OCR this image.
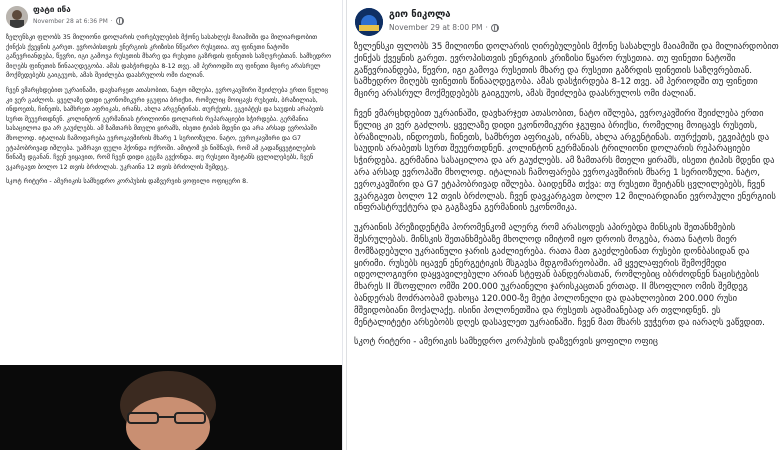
ფატი ინა
November 28 at 6:36 PM ·

ზელენსკი ფლობს 35 მილიონი დოლარის ღირებულების მქონე სასახლეს მაიამიში და მილიარდობით ქინქას ქვეყნის გარეთ. ევროპისთვის ენერგიის კრიზისი ნწეარო რუსეთია. თუ ფინეთი ნატოში გაწევრიანდება, წევრი, იგი გამოვა რუსეთის მხარე და რუსეთი გაზრდის ფინეთის საზღვრებთან. სამხედრო მიღებს ფინეთის წინააღდეგობა. ამას დასჭირდება 8-12 თვე. ამ პერიოდში თუ ფინეთი მცირე არასრულ მოქმედებებს გაიგეუოს, ამას შეიძლება დაასრულოს ომი ძალიან.

ჩვენ ვმარცხდებით უკრაინაში, დავხარჯეთ ათასობით, ნატო იშლება, ევროკავშირი შეიძლება ერთი წელიც კი ვერ გაძლოს. ყველაზე დიდი ეკონომიკური ჯგუფია ბრიქსი, რომელიც მოიცავს რუსეთს, ბრაზილიას, ინდოეთს, ჩინეთს, სამხრეთ აფრიკას, ირანს, ახლა არგენტინას. თურქეთს, ეგვიპტეს და საუდის არაბეთს სურთ შეუერთდნენ. კოლინტონ გერმანიას ტრილიონი დოლარის რეპარაციები სჭირდება. გერმანია სასაცილოა და არ გაუძლებს. ამ ზამთარს მთელი ყირამს, ისეთი ტიპის მდენი და არა არსად ევროპაში მხოლოდ. იტალიას ჩამოფარება ევროკავშირის მხარე 1 სერიოზული. ნატო, ევროკავშირი და G7 ეტაპობრივად იშლება. უამრავი ფული ჰქონდა ოქროში. ამიტომ ეს ნიშნავს, რომ ამ გადაწყვეტილების წინაშე დგანან. ჩვენ ვიყავით, რომ ჩვენ დიდი გეგმა გვქონდა. თუ რუსეთი შეიტანს ცვლილებებს, ჩვენ ვკარგავთ ბოლო 12 თვის ბრძოლას. უკრაინა 12 თვის ბრძოლის შემდეგ.

სკოტ რიტერი - ამერიკის სამხედრო კორპუსის დაზვერვის ყოფილი ოფიცერი 8.

გიო ნიკოლა
November 29 at 8:00 PM ·

ზელენსკი ფლობს 35 მილიონი დოლარის ღირებულების მქონე სასახლეს მაიამიში და მილიარდობით ქინქას ქვეყნის გარეთ. ევროპისთვის ენერგიის კრიზისი წყარო რუსეთია. თუ ფინეთი ნატოში გაწევრიანდება, წევრი, იგი გამოვა რუსეთის მხარე და რუსეთი გაზრდის ფინეთის საზღვრებთან. სამხედრო მიღებს ფინეთის წინააღდეგობა. ამას დასჭირდება 8-12 თვე. ამ პერიოდში თუ ფინეთი მცირე არასრულ მოქმედებებს გაიგეუოს, ამას შეიძლება დაასრულოს ომი ძალიან.

ჩვენ ვმარცხდებით უკრაინაში, დავხარჯეთ ათასობით, ნატო იშლება, ევროკავშირი შეიძლება ერთი წელიც კი ვერ გაძლოს. ყველაზე დიდი ეკონომიკური ჯგუფია ბრიქსი, რომელიც მოიცავს რუსეთს, ბრაზილიას, ინდოეთს, ჩინეთს, სამხრეთ აფრიკას, ირანს, ახლა არგენტინას. თურქეთს, ეგვიპტეს და საუდის არაბეთს სურთ შეუერთდნენ. კოლინტონ გერმანიას ტრილიონი დოლარის რეპარაციები სჭირდება. გერმანია სასაცილოა და არ გაუძლებს. ამ ზამთარს მთელი ყირამს, ისეთი ტიპის მდენი და არა არსად ევროპაში მხოლოდ. იტალიას ჩამოფარება ევროკავშირის მხარე 1 სერიოზული. ნატო, ევროკავშირი და G7 ეტაპობრივად იშლება. ბაიდენმა თქვა: თუ რუსეთი შეიტანს ცვლილებებს, ჩვენ ვკარგავთ ბოლო 12 თვის ბრძოლას. ჩვენ დავკარგავთ ბოლო 12 მილიარდიანი ევროპული ენერგიის ინფრასტრუქტურა და გაგზავნა გერმანიის ეკონომიკა.

უკრაინის პრეზიდენტმა პორომენკომ ალერგ რომ არასოდეს აპირებდა მინსკის შეთანხმების შესრულებას. მინსკის შეთანხმებაზე მხოლოდ იმიტომ იყო დროის მოგება, რათა ნატოს მიერ მომზადებული უკრაინული ჯარის გაძლიერება. რათა მათ გაეძლებინათ რუსები დონბასიდან და ყირიმი. რუსებს იცავენ ენერგეტიკის მსგავსა მდგომარეობაში. ამ ყველაფერის შემოქმედი იდეოლოგიური დაყვავილებული არიან სტეფან ბანდერასთან, რომლებიც იბრძოდნენ ნაცისტების მხარეს II მსოფლიო ომში 200.000 უკრაინელი ჯარისკაცთან ერთად. II მსოფლიო ომის შემდეგ ბანდერას მოძრაობამ დახოცა 120.000-ზე მეტი პოლონელი და დაახლოებით 200.000 რუსი მშვიდობიანი მოქალაქე. ისინი პოლონეთშია და რუსეთს ადამიანებად არ თვლიდნენ. ეს მენტალიტეტი არსებობს დღეს დასავლეთ უკრაინაში. ჩვენ მათ მხარს ვუჭერთ და იარაღს ვაწვდით.

სკოტ რიტერი - ამერიკის სამხედრო კორპუსის დაზვერვის ყოფილი ოფიც
